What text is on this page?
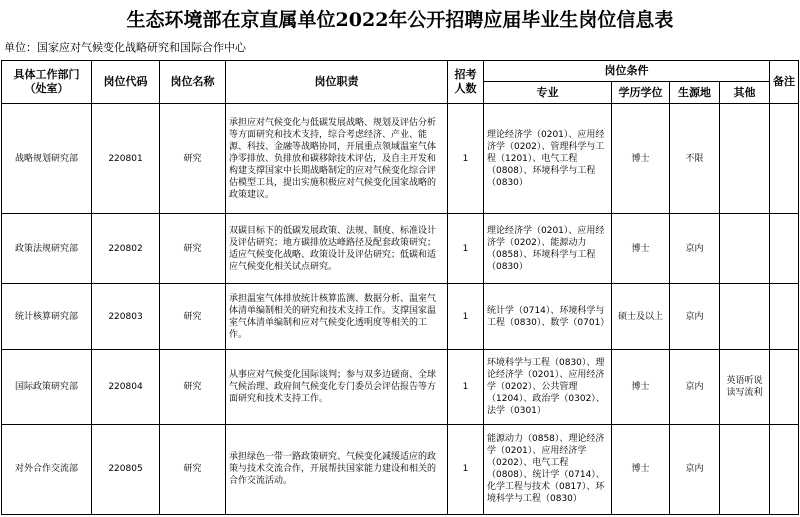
生态环境部在京直属单位2022年公开招聘应届毕业生岗位信息表
单位：国家应对气候变化战略研究和国际合作中心
具体工作部门（处室）	岗位代码	岗位名称	岗位职责	招考人数	岗位条件				备注
					专业	学历学位	生源地	其他	
战略规划研究部	220801	研究	承担应对气候变化与低碳发展战略、规划及评估分析等方面研究和技术支持，综合考虑经济、产业、能源、科技、金融等战略协同，开展重点领域温室气体净零排放、负排放和碳移除技术评估，及自主开发和构建支撑国家中长期战略制定的应对气候变化综合评估模型工具，提出实施积极应对气候变化国家战略的政策建议。	1	理论经济学（0201）、应用经济学（0202）、管理科学与工程（1201）、电气工程（0808）、环境科学与工程（0830）	博士	不限		
政策法规研究部	220802	研究	双碳目标下的低碳发展政策、法规、制度、标准设计及评估研究；地方碳排放达峰路径及配套政策研究；适应气候变化战略、政策设计及评估研究；低碳和适应气候变化相关试点研究。	1	理论经济学（0201）、应用经济学（0202）、能源动力（0858）、环境科学与工程（0830）	博士	京内		
统计核算研究部	220803	研究	承担温室气体排放统计核算监测、数据分析、温室气体清单编制相关的研究和技术支持工作。支撑国家温室气体清单编制和应对气候变化透明度等相关的工作。	1	统计学（0714）、环境科学与工程（0830）、数学（0701）	硕士及以上	京内		
国际政策研究部	220804	研究	从事应对气候变化国际谈判；参与双多边磋商、全球气候治理、政府间气候变化专门委员会评估报告等方面研究和技术支持工作。	1	环境科学与工程（0830）、理论经济学（0201）、应用经济学（0202）、公共管理（1204）、政治学（0302）、法学（0301）	博士	京内	英语听说读写流利	
对外合作交流部	220805	研究	承担绿色一带一路政策研究、气候变化减缓适应的政策与技术交流合作，开展帮扶国家能力建设和相关的合作交流活动。	1	能源动力（0858）、理论经济学（0201）、应用经济学（0202）、电气工程（0808）、统计学（0714）、化学工程与技术（0817）、环境科学与工程（0830）	博士	京内		
